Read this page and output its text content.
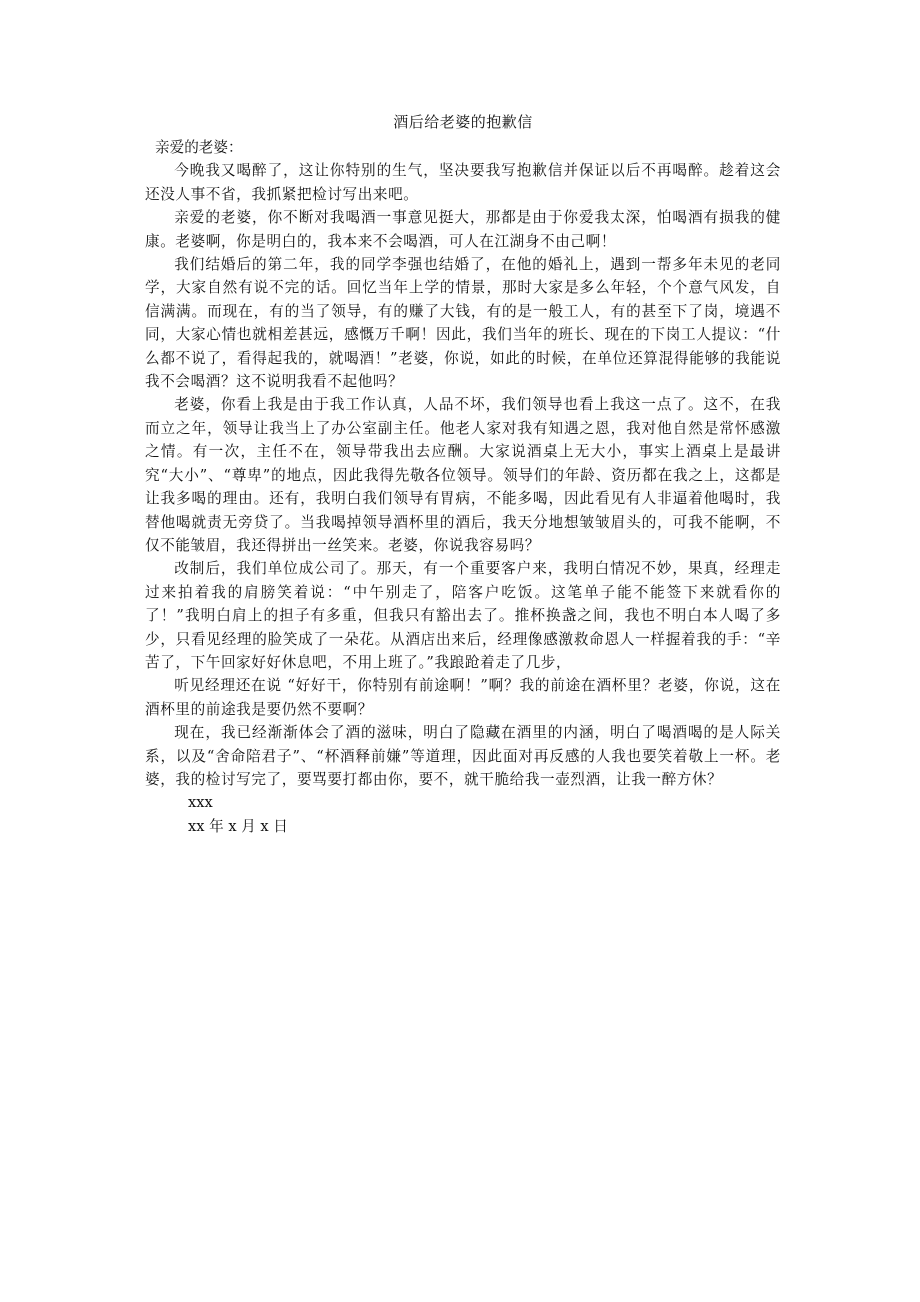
酒后给老婆的抱歉信

亲爱的老婆：

今晚我又喝醉了，这让你特别的生气，坚决要我写抱歉信并保证以后不再喝醉。趁着这会还没人事不省，我抓紧把检讨写出来吧。

亲爱的老婆，你不断对我喝酒一事意见挺大，那都是由于你爱我太深，怕喝酒有损我的健康。老婆啊，你是明白的，我本来不会喝酒，可人在江湖身不由己啊！

我们结婚后的第二年，我的同学李强也结婚了，在他的婚礼上，遇到一帮多年未见的老同学，大家自然有说不完的话。回忆当年上学的情景，那时大家是多么年轻，个个意气风发，自信满满。而现在，有的当了领导，有的赚了大钱，有的是一般工人，有的甚至下了岗，境遇不同，大家心情也就相差甚远，感慨万千啊！因此，我们当年的班长、现在的下岗工人提议：“什么都不说了，看得起我的，就喝酒！”老婆，你说，如此的时候，在单位还算混得能够的我能说我不会喝酒？这不说明我看不起他吗？

老婆，你看上我是由于我工作认真，人品不坏，我们领导也看上我这一点了。这不，在我而立之年，领导让我当上了办公室副主任。他老人家对我有知遇之恩，我对他自然是常怀感激之情。有一次，主任不在，领导带我出去应酬。大家说酒桌上无大小，事实上酒桌上是最讲究“大小”、“尊卑”的地点，因此我得先敬各位领导。领导们的年龄、资历都在我之上，这都是让我多喝的理由。还有，我明白我们领导有胃病，不能多喝，因此看见有人非逼着他喝时，我替他喝就责无旁贷了。当我喝掉领导酒杯里的酒后，我天分地想皱皱眉头的，可我不能啊，不仅不能皱眉，我还得拼出一丝笑来。老婆，你说我容易吗？

改制后，我们单位成公司了。那天，有一个重要客户来，我明白情况不妙，果真，经理走过来拍着我的肩膀笑着说：“中午别走了，陪客户吃饭。这笔单子能不能签下来就看你的了！”我明白肩上的担子有多重，但我只有豁出去了。推杯换盏之间，我也不明白本人喝了多少，只看见经理的脸笑成了一朵花。从酒店出来后，经理像感激救命恩人一样握着我的手：“辛苦了，下午回家好好休息吧，不用上班了。”我踉跄着走了几步，

听见经理还在说 “好好干，你特别有前途啊！”啊？我的前途在酒杯里？老婆，你说，这在酒杯里的前途我是要仍然不要啊？

现在，我已经渐渐体会了酒的滋味，明白了隐藏在酒里的内涵，明白了喝酒喝的是人际关系，以及“舍命陪君子”、“杯酒释前嫌”等道理，因此面对再反感的人我也要笑着敬上一杯。老婆，我的检讨写完了，要骂要打都由你，要不，就干脆给我一壶烈酒，让我一醉方休？

xxx

xx 年 x 月 x 日
